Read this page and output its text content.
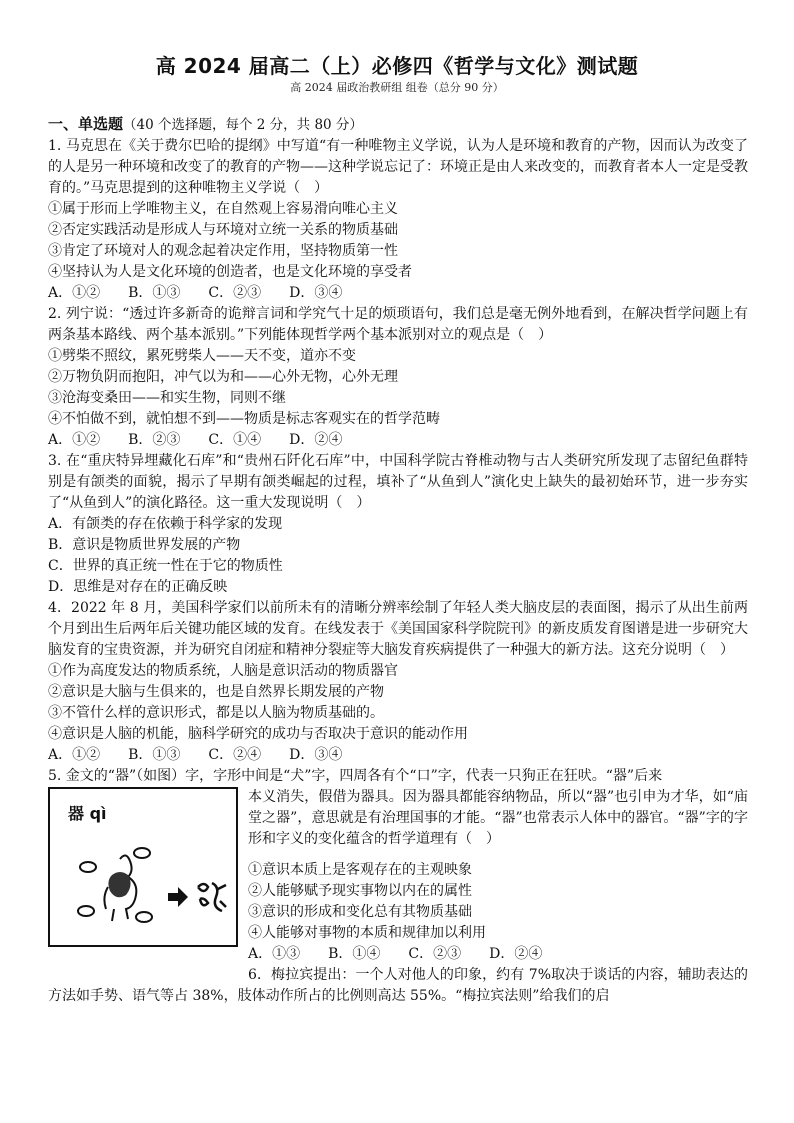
高 2024 届高二（上）必修四《哲学与文化》测试题
高 2024 届政治教研组 组卷（总分 90 分）

一、单选题（40 个选择题，每个 2 分，共 80 分）

1. 马克思在《关于费尔巴哈的提纲》中写道“有一种唯物主义学说，认为人是环境和教育的产物，因而认为改变了的人是另一种环境和改变了的教育的产物——这种学说忘记了：环境正是由人来改变的，而教育者本人一定是受教育的。”马克思提到的这种唯物主义学说（　）

①属于形而上学唯物主义，在自然观上容易滑向唯心主义

②否定实践活动是形成人与环境对立统一关系的物质基础

③肯定了环境对人的观念起着决定作用，坚持物质第一性

④坚持认为人是文化环境的创造者，也是文化环境的享受者

A．①②　　B．①③　　C．②③　　D．③④

2. 列宁说：“透过许多新奇的诡辩言词和学究气十足的烦琐语句，我们总是毫无例外地看到，在解决哲学问题上有两条基本路线、两个基本派别。”下列能体现哲学两个基本派别对立的观点是（　）

①劈柴不照纹，累死劈柴人——天不变，道亦不变

②万物负阴而抱阳，冲气以为和——心外无物，心外无理

③沧海变桑田——和实生物，同则不继

④不怕做不到，就怕想不到——物质是标志客观实在的哲学范畴

A．①②　　B．②③　　C．①④　　D．②④

3. 在“重庆特异埋藏化石库”和“贵州石阡化石库”中，中国科学院古脊椎动物与古人类研究所发现了志留纪鱼群特别是有颌类的面貌，揭示了早期有颌类崛起的过程，填补了“从鱼到人”演化史上缺失的最初始环节，进一步夯实了“从鱼到人”的演化路径。这一重大发现说明（　）

A．有颌类的存在依赖于科学家的发现

B．意识是物质世界发展的产物

C．世界的真正统一性在于它的物质性

D．思维是对存在的正确反映

4．2022 年 8 月，美国科学家们以前所未有的清晰分辨率绘制了年轻人类大脑皮层的表面图，揭示了从出生前两个月到出生后两年后关键功能区域的发育。在线发表于《美国国家科学院院刊》的新皮质发育图谱是进一步研究大脑发育的宝贵资源，并为研究自闭症和精神分裂症等大脑发育疾病提供了一种强大的新方法。这充分说明（　）

①作为高度发达的物质系统，人脑是意识活动的物质器官

②意识是大脑与生俱来的，也是自然界长期发展的产物

③不管什么样的意识形式，都是以人脑为物质基础的。

④意识是人脑的机能，脑科学研究的成功与否取决于意识的能动作用

A．①②　　B．①③　　C．②④　　D．③④

5. 金文的“器”（如图）字，字形中间是“犬”字，四周各有个“口”字，代表一只狗正在狂吠。“器”后来

器 qì

本义消失，假借为器具。因为器具都能容纳物品，所以“器”也引申为才华，如“庙堂之器”，意思就是有治理国事的才能。“器”也常表示人体中的器官。“器”字的字形和字义的变化蕴含的哲学道理有（　）

①意识本质上是客观存在的主观映象

②人能够赋予现实事物以内在的属性

③意识的形成和变化总有其物质基础

④人能够对事物的本质和规律加以利用

A．①③　　B．①④　　C．②③　　D．②④

6．梅拉宾提出：一个人对他人的印象，约有 7%取决于谈话的内容，辅助表达的方法如手势、语气等占 38%，肢体动作所占的比例则高达 55%。“梅拉宾法则”给我们的启
